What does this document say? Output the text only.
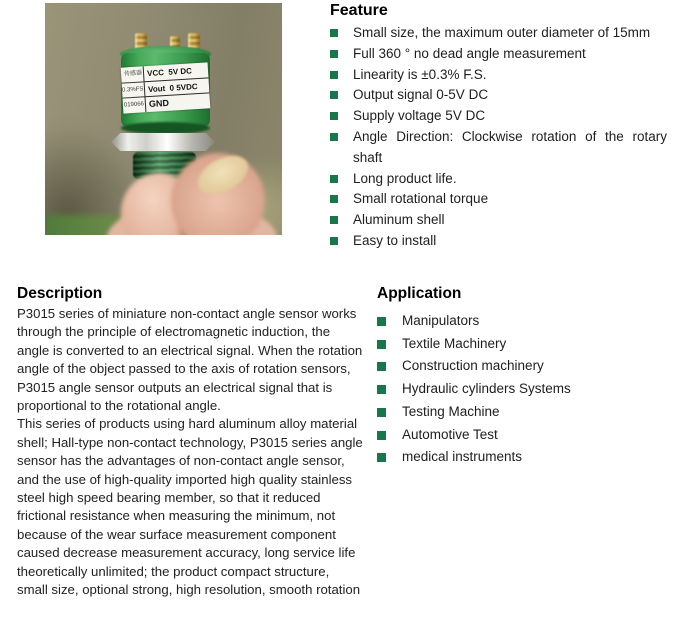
传感器
0.3%FS
019066
VCC  5V DC
Vout  0 5VDC
GND
Feature
Small size, the maximum outer diameter of 15mm
Full 360 ° no dead angle measurement
Linearity is ±0.3% F.S.
Output signal 0-5V DC
Supply voltage 5V DC
Angle Direction: Clockwise rotation of the rotary shaft
Long product life.
Small rotational torque
Aluminum shell
Easy to install
Description

P3015 series of miniature non-contact angle sensor works through the principle of electromagnetic induction, the angle is converted to an electrical signal. When the rotation angle of the object passed to the axis of rotation sensors, P3015 angle sensor outputs an electrical signal that is proportional to the rotational angle.

This series of products using hard aluminum alloy material shell; Hall-type non-contact technology, P3015 series angle sensor has the advantages of non-contact angle sensor, and the use of high-quality imported high quality stainless steel high speed bearing member, so that it reduced frictional resistance when measuring the minimum, not because of the wear surface measurement component caused decrease measurement accuracy, long service life theoretically unlimited; the product compact structure, small size, optional strong, high resolution, smooth rotation

Application
Manipulators
Textile Machinery
Construction machinery
Hydraulic cylinders Systems
Testing Machine
Automotive Test
medical instruments
